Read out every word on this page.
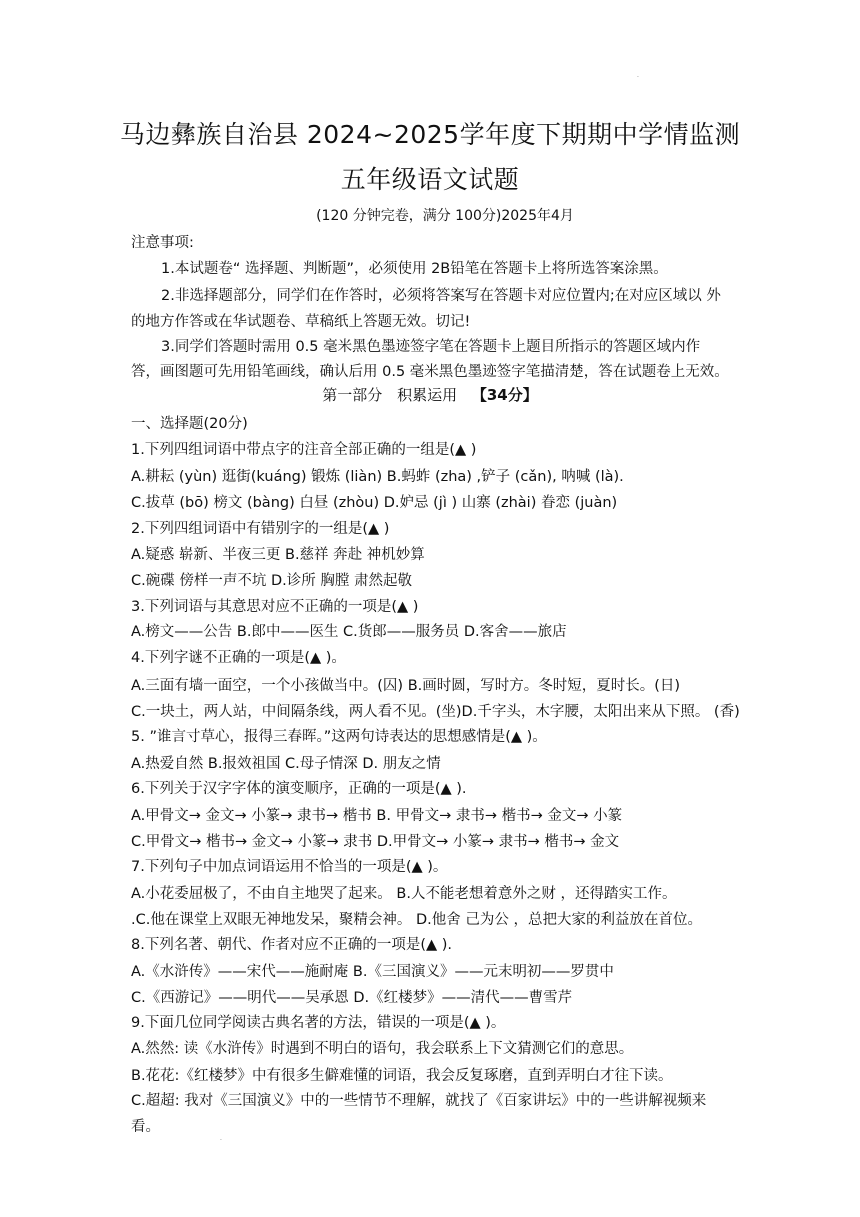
·
马边彝族自治县 2024~2025学年度下期期中学情监测
五年级语文试题
(120 分钟完卷，满分 100分)2025年4月
注意事项:
1.本试题卷“ 选择题、判断题”，必须使用 2B铅笔在答题卡上将所选答案涂黑。
2.非选择题部分，同学们在作答时，必须将答案写在答题卡对应位置内;在对应区域以 外
的地方作答或在华试题卷、草稿纸上答题无效。切记!
3.同学们答题时需用 0.5 毫米黑色墨迹签字笔在答题卡上题目所指示的答题区域内作
答，画图题可先用铅笔画线，确认后用 0.5 毫米黑色墨迹签字笔描清楚，答在试题卷上无效。
第一部分 积累运用 【34分】
一、选择题(20分)
1.下列四组词语中带点字的注音全部正确的一组是(▲ )
A.耕耘 (yùn) 逛街(kuáng) 锻炼 (liàn) B.蚂蚱 (zha) ,铲子 (cǎn), 呐喊 (là).
C.拔草 (bō) 榜文 (bàng) 白昼 (zhòu) D.妒忌 (jì ) 山寨 (zhài) 眷恋 (juàn)
2.下列四组词语中有错别字的一组是(▲ )
A.疑惑 崭新、半夜三更 B.慈祥 奔赴 神机妙算
C.碗碟 傍样一声不坑 D.诊所 胸膛 肃然起敬
3.下列词语与其意思对应不正确的一项是(▲ )
A.榜文——公告 B.郎中——医生 C.货郎——服务员 D.客舍——旅店
4.下列字谜不正确的一项是(▲ )。
A.三面有墙一面空，一个小孩做当中。(囚) B.画时圆，写时方。冬时短，夏时长。(日)
C.一块土，两人站，中间隔条线，两人看不见。(坐)D.千字头，木字腰，太阳出来从下照。 (香)
5. ”谁言寸草心，报得三春晖。”这两句诗表达的思想感情是(▲ )。
A.热爱自然 B.报效祖国 C.母子情深 D. 朋友之情
6.下列关于汉字字体的演变顺序，正确的一项是(▲ ).
A.甲骨文→ 金文→ 小篆→ 隶书→ 楷书 B. 甲骨文→ 隶书→ 楷书→ 金文→ 小篆
C.甲骨文→ 楷书→ 金文→ 小篆→ 隶书 D.甲骨文→ 小篆→ 隶书→ 楷书→ 金文
7.下列句子中加点词语运用不恰当的一项是(▲ )。
A.小花委屈极了，不由自主地哭了起来。 B.人不能老想着意外之财 ，还得踏实工作。
.C.他在课堂上双眼无神地发呆，聚精会神。 D.他舍 己为公 ，总把大家的利益放在首位。
8.下列名著、朝代、作者对应不正确的一项是(▲ ).
A.《水浒传》——宋代——施耐庵 B.《三国演义》——元末明初——罗贯中
C.《西游记》——明代——吴承恩 D.《红楼梦》——清代——曹雪芹
9.下面几位同学阅读古典名著的方法，错误的一项是(▲ )。
A.然然: 读《水浒传》时遇到不明白的语句，我会联系上下文猜测它们的意思。
B.花花:《红楼梦》中有很多生僻难懂的词语，我会反复琢磨，直到弄明白才往下读。
C.超超: 我对《三国演义》中的一些情节不理解，就找了《百家讲坛》中的一些讲解视频来
看。
·
